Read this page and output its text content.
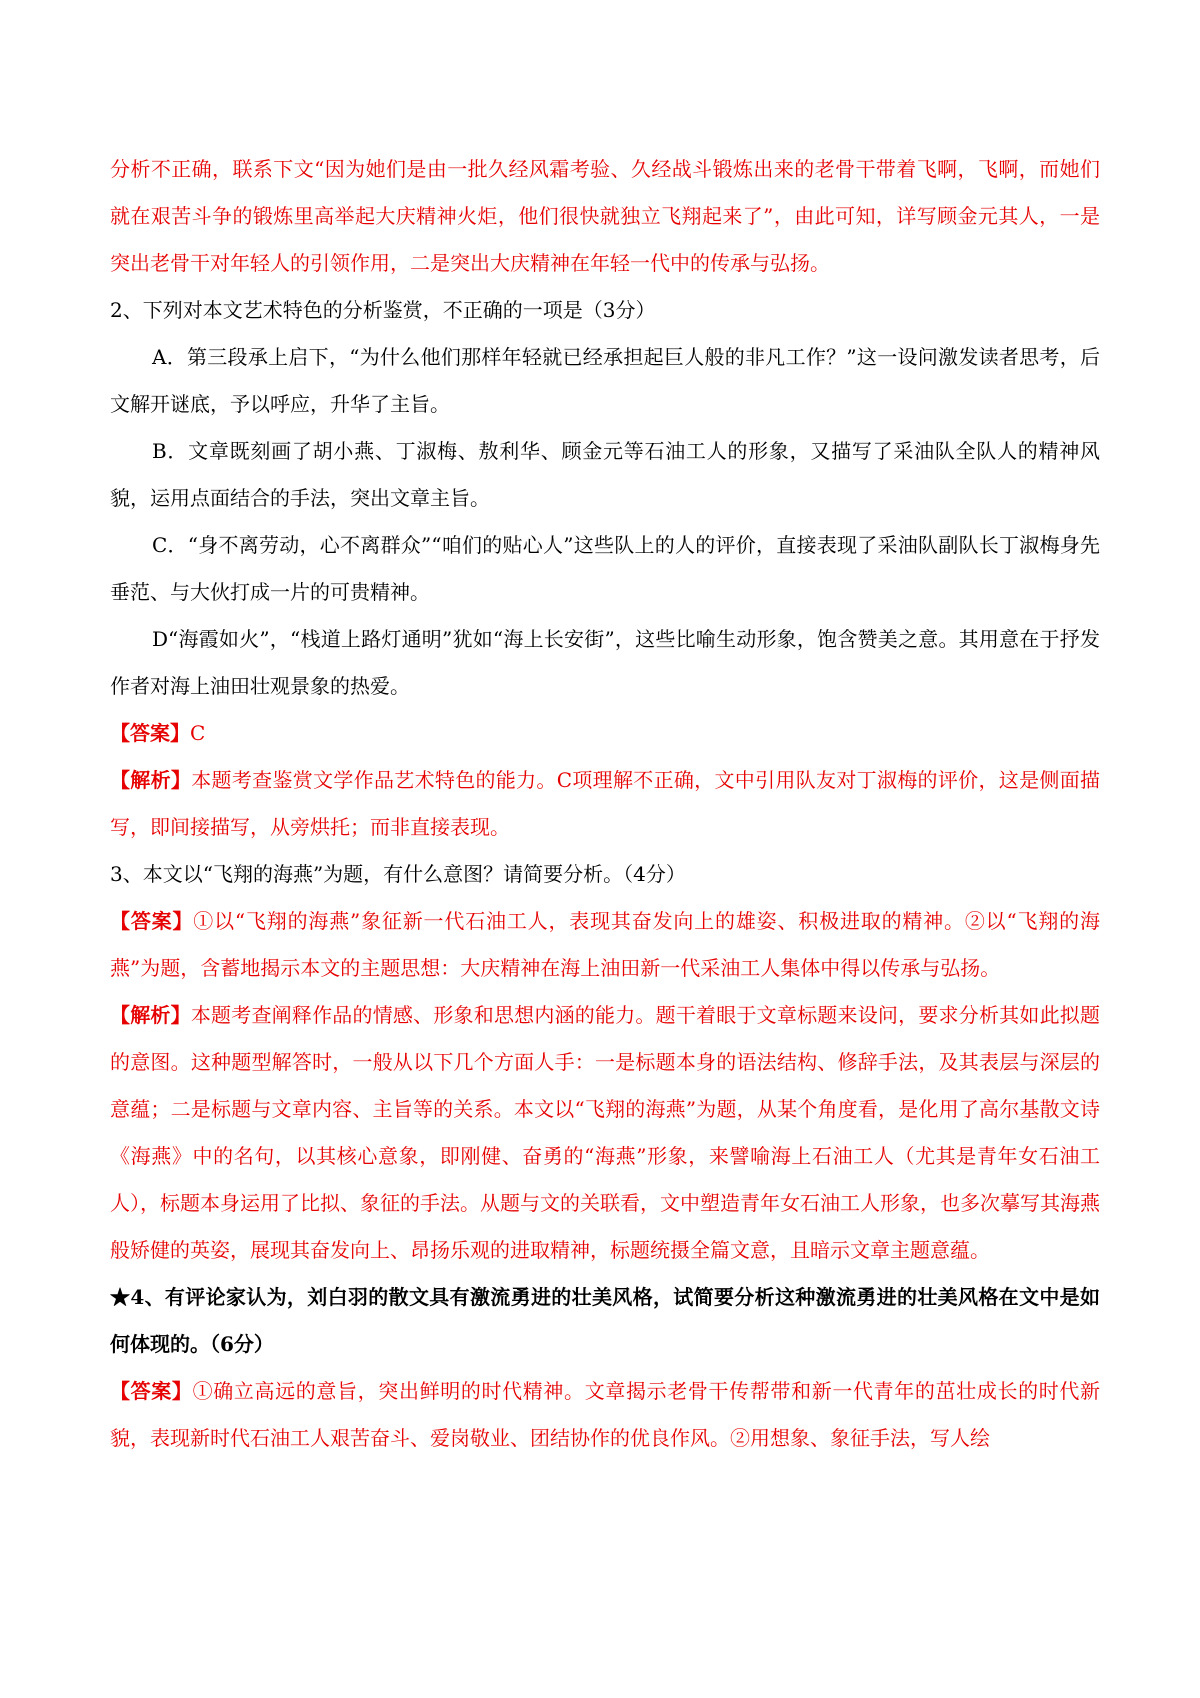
分析不正确，联系下文“因为她们是由一批久经风霜考验、久经战斗锻炼出来的老骨干带着飞啊，飞啊，而她们就在艰苦斗争的锻炼里高举起大庆精神火炬，他们很快就独立飞翔起来了”，由此可知，详写顾金元其人，一是突出老骨干对年轻人的引领作用，二是突出大庆精神在年轻一代中的传承与弘扬。

2、下列对本文艺术特色的分析鉴赏，不正确的一项是（3分）

A．第三段承上启下，“为什么他们那样年轻就已经承担起巨人般的非凡工作？”这一设问激发读者思考，后文解开谜底，予以呼应，升华了主旨。

B．文章既刻画了胡小燕、丁淑梅、敖利华、顾金元等石油工人的形象，又描写了采油队全队人的精神风貌，运用点面结合的手法，突出文章主旨。

C．“身不离劳动，心不离群众”“咱们的贴心人”这些队上的人的评价，直接表现了采油队副队长丁淑梅身先垂范、与大伙打成一片的可贵精神。

D“海霞如火”，“栈道上路灯通明”犹如“海上长安街”，这些比喻生动形象，饱含赞美之意。其用意在于抒发作者对海上油田壮观景象的热爱。

【答案】C

【解析】本题考查鉴赏文学作品艺术特色的能力。C项理解不正确，文中引用队友对丁淑梅的评价，这是侧面描写，即间接描写，从旁烘托；而非直接表现。

3、本文以“飞翔的海燕”为题，有什么意图？请简要分析。（4分）

【答案】①以“飞翔的海燕”象征新一代石油工人，表现其奋发向上的雄姿、积极进取的精神。②以“飞翔的海燕”为题，含蓄地揭示本文的主题思想：大庆精神在海上油田新一代采油工人集体中得以传承与弘扬。

【解析】本题考查阐释作品的情感、形象和思想内涵的能力。题干着眼于文章标题来设问，要求分析其如此拟题的意图。这种题型解答时，一般从以下几个方面人手：一是标题本身的语法结构、修辞手法，及其表层与深层的意蕴；二是标题与文章内容、主旨等的关系。本文以“飞翔的海燕”为题，从某个角度看，是化用了高尔基散文诗《海燕》中的名句，以其核心意象，即刚健、奋勇的“海燕”形象，来譬喻海上石油工人（尤其是青年女石油工人），标题本身运用了比拟、象征的手法。从题与文的关联看，文中塑造青年女石油工人形象，也多次摹写其海燕般矫健的英姿，展现其奋发向上、昂扬乐观的进取精神，标题统摄全篇文意，且暗示文章主题意蕴。

★4、有评论家认为，刘白羽的散文具有激流勇进的壮美风格，试简要分析这种激流勇进的壮美风格在文中是如何体现的。（6分）

【答案】①确立高远的意旨，突出鲜明的时代精神。文章揭示老骨干传帮带和新一代青年的茁壮成长的时代新貌，表现新时代石油工人艰苦奋斗、爱岗敬业、团结协作的优良作风。②用想象、象征手法，写人绘
